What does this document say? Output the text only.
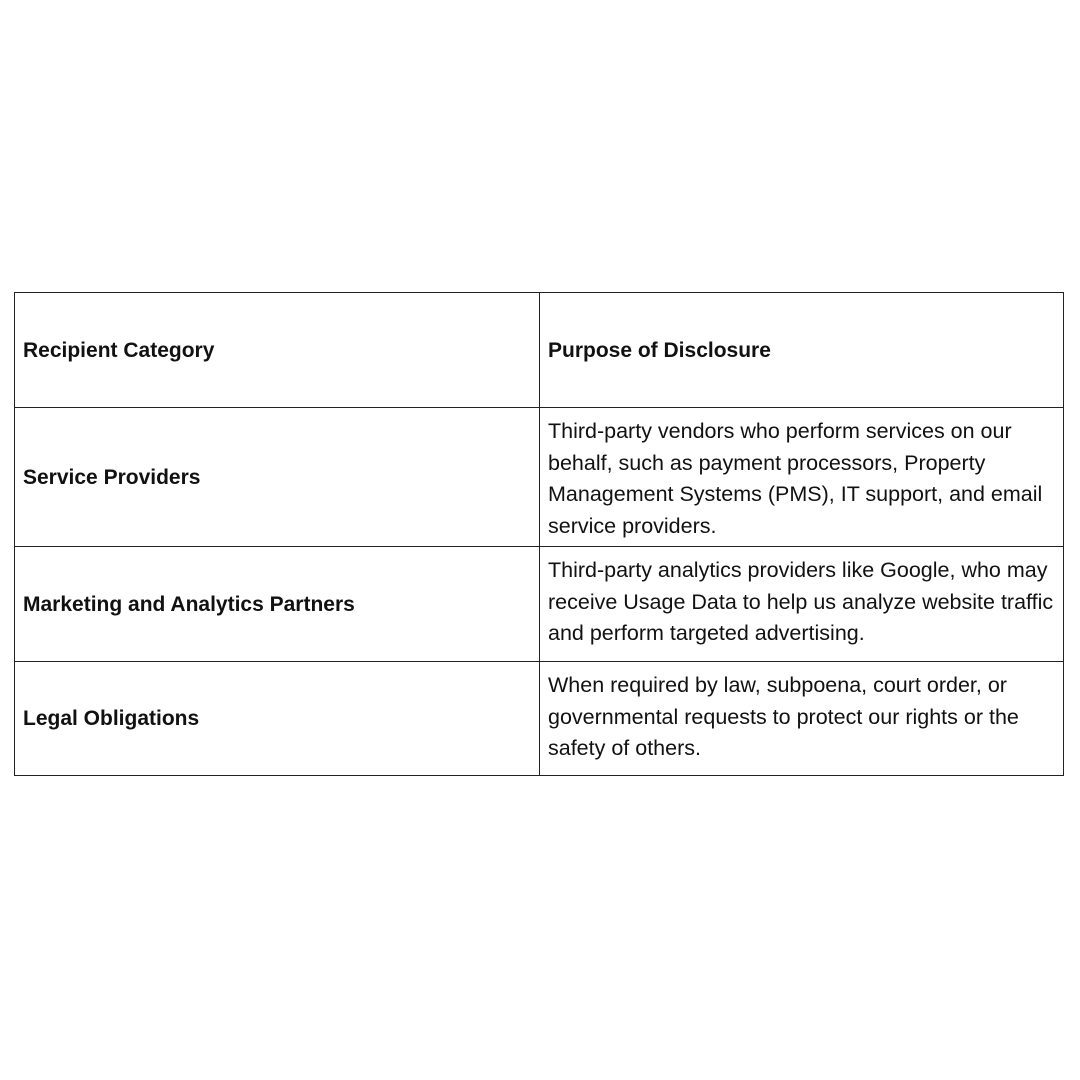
Recipient Category	Purpose of Disclosure
Service Providers
Third-party vendors who perform services on our behalf, such as payment processors, Property Management Systems (PMS), IT support, and email service providers.
Marketing and Analytics Partners
Third-party analytics providers like Google, who may receive Usage Data to help us analyze website traffic and perform targeted advertising.
Legal Obligations
When required by law, subpoena, court order, or governmental requests to protect our rights or the safety of others.
